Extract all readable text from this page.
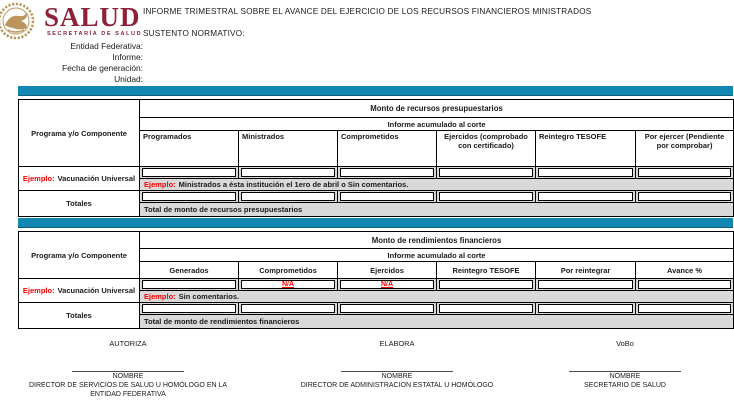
SALUD
SECRETARÍA DE SALUD
INFORME TRIMESTRAL SOBRE EL AVANCE DEL EJERCICIO DE LOS RECURSOS FINANCIEROS MINISTRADOS
SUSTENTO NORMATIVO:
Entidad Federativa:
Informe:
Fecha de generación:
Unidad:
Programa y/o Componente	Monto de recursos presupuestarios					
	Informe acumulado al corte					
	Programados	Ministrados	Comprometidos	Ejercidos (comprobado con certificado)	Reintegro TESOFE	Por ejercer (Pendiente por comprobar)
Ejemplo: Vacunación Universal	

	Ejemplo: Ministrados a ésta institución el 1ero de abril o Sin comentarios.					
Totales	

	Total de monto de recursos presupuestarios					
Programa y/o Componente	Monto de rendimientos financieros					
	Informe acumulado al corte					
	Generados	Comprometidos	Ejercidos	Reintegro TESOFE	Por reintegrar	Avance %
Ejemplo: Vacunación Universal		N/A	N/A			

	Ejemplo: Sin comentarios.					
Totales	

	Total de monto de rendimientos financieros					
AUTORIZA
NOMBRE
DIRECTOR DE SERVICIOS DE SALUD U HOMÓLOGO EN LA ENTIDAD FEDERATIVA
ELABORA
NOMBRE
DIRECTOR DE ADMINISTRACION ESTATAL U HOMÓLOGO
VoBo
NOMBRE
SECRETARIO DE SALUD
